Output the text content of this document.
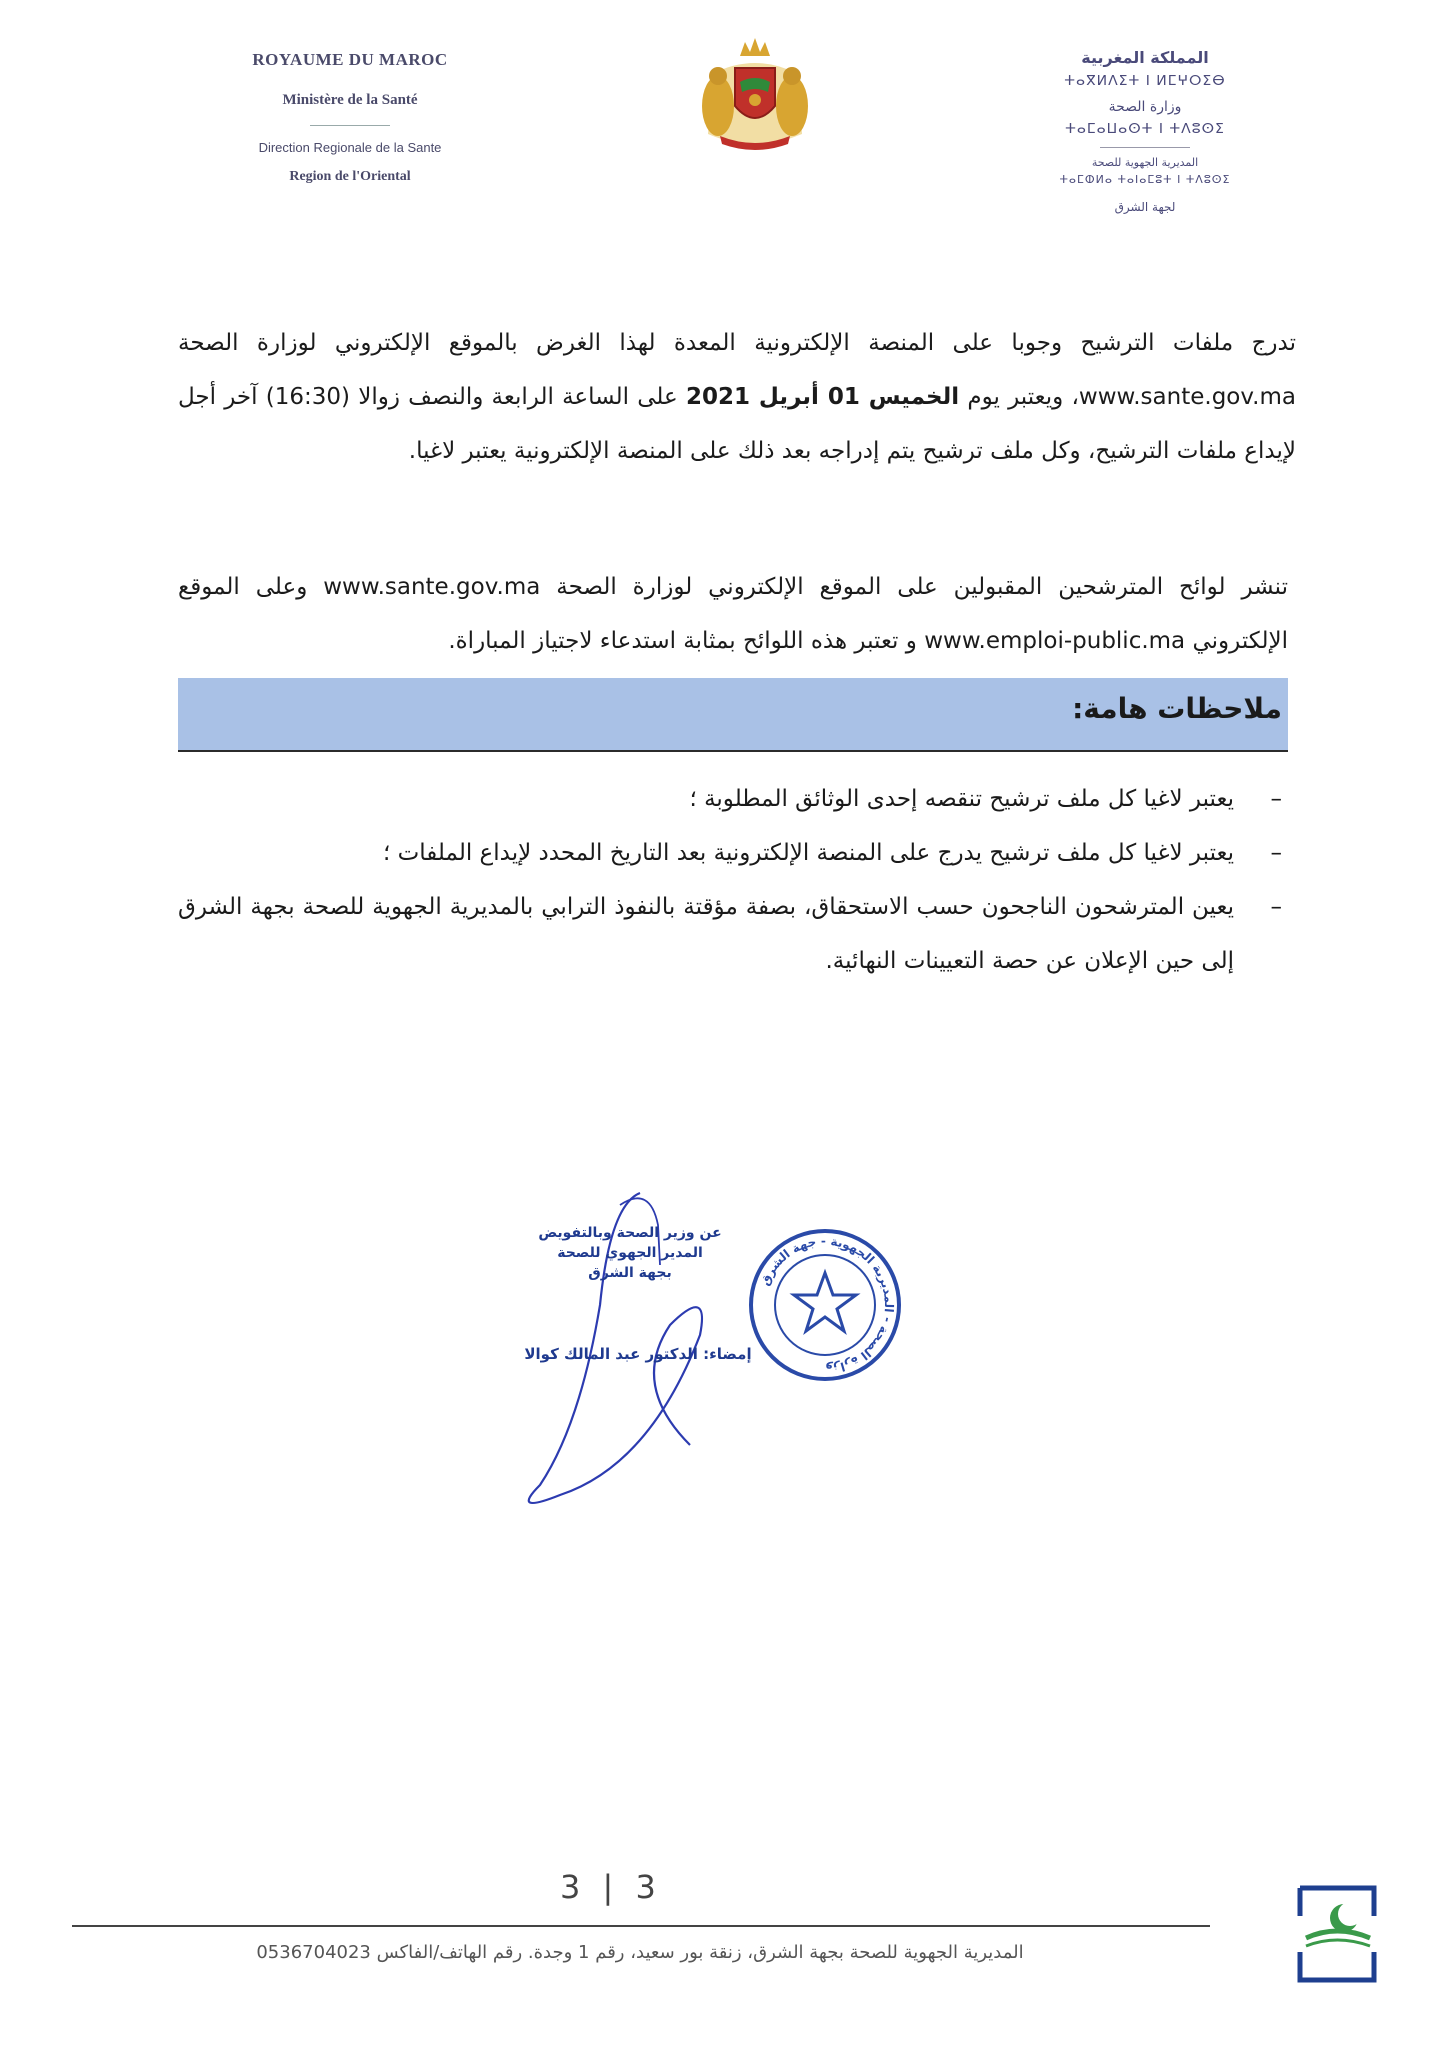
ROYAUME DU MAROC
Ministère de la Santé
Direction Regionale de la Sante
Region de l'Oriental
المملكة المغربية
ⵜⴰⴳⵍⴷⵉⵜ ⵏ ⵍⵎⵖⵔⵉⴱ
وزارة الصحة
ⵜⴰⵎⴰⵡⴰⵙⵜ ⵏ ⵜⴷⵓⵙⵉ
المديرية الجهوية للصحة
ⵜⴰⵎⵀⵍⴰ ⵜⴰⵏⴰⵎⵓⵜ ⵏ ⵜⴷⵓⵙⵉ
لجهة الشرق
تدرج ملفات الترشيح وجوبا على المنصة الإلكترونية المعدة لهذا الغرض بالموقع الإلكتروني لوزارة الصحة www.sante.gov.ma، ويعتبر يوم الخميس 01 أبريل 2021 على الساعة الرابعة والنصف زوالا (16:30) آخر أجل لإيداع ملفات الترشيح، وكل ملف ترشيح يتم إدراجه بعد ذلك على المنصة الإلكترونية يعتبر لاغيا.
تنشر لوائح المترشحين المقبولين على الموقع الإلكتروني لوزارة الصحة www.sante.gov.ma وعلى الموقع الإلكتروني www.emploi-public.ma و تعتبر هذه اللوائح بمثابة استدعاء لاجتياز المباراة.
ملاحظات هامة:
–
يعتبر لاغيا كل ملف ترشيح تنقصه إحدى الوثائق المطلوبة ؛
–
يعتبر لاغيا كل ملف ترشيح يدرج على المنصة الإلكترونية بعد التاريخ المحدد لإيداع الملفات ؛
–
يعين المترشحون الناجحون حسب الاستحقاق، بصفة مؤقتة بالنفوذ الترابي بالمديرية الجهوية للصحة بجهة الشرق إلى حين الإعلان عن حصة التعيينات النهائية.
عن وزير الصحة وبالتفويض
المدير الجهوي للصحة
بجهة الشرق
إمضاء: الدكتور عبد المالك كوالا
وزارة الصحة - المديرية الجهوية - جهة الشرق
3 | 3
المديرية الجهوية للصحة بجهة الشرق، زنقة بور سعيد، رقم 1 وجدة. رقم الهاتف/الفاكس 0536704023
